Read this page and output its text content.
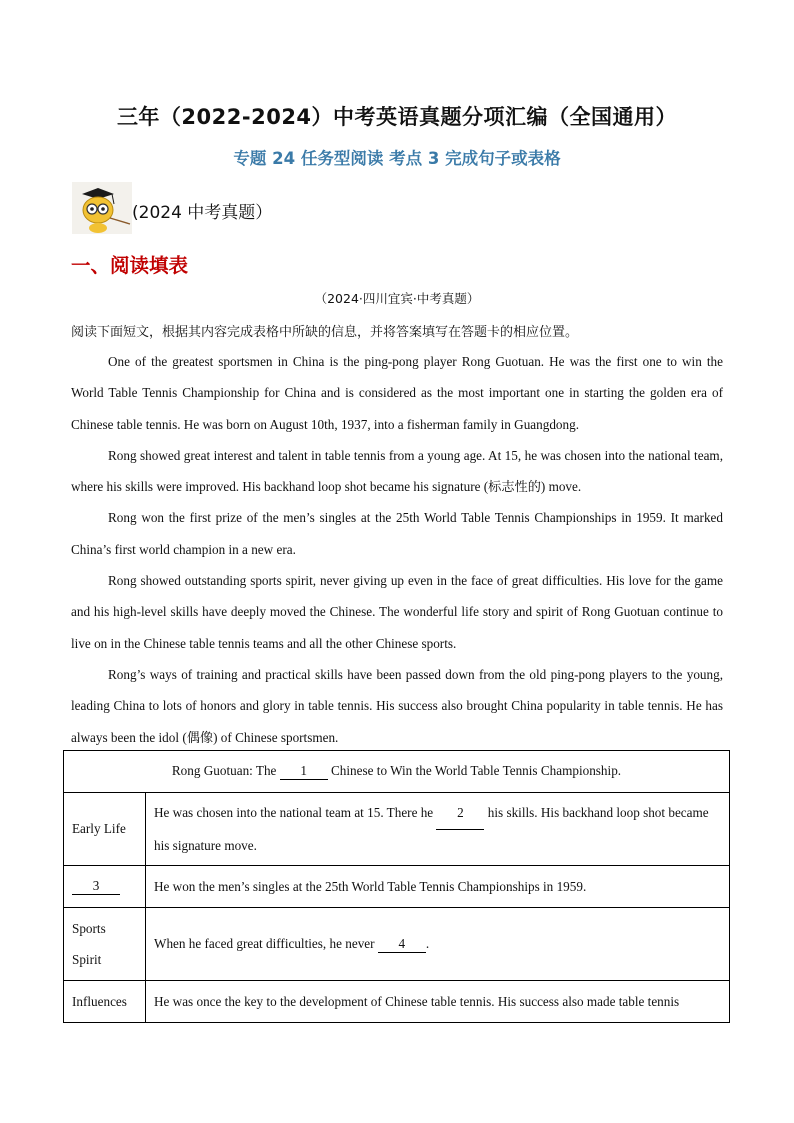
三年（2022-2024）中考英语真题分项汇编（全国通用）
专题 24 任务型阅读 考点 3 完成句子或表格
(2024 中考真题）
一、阅读填表
（2024·四川宜宾·中考真题）
阅读下面短文，根据其内容完成表格中所缺的信息，并将答案填写在答题卡的相应位置。

One of the greatest sportsmen in China is the ping-pong player Rong Guotuan. He was the first one to win the World Table Tennis Championship for China and is considered as the most important one in starting the golden era of Chinese table tennis. He was born on August 10th, 1937, into a fisherman family in Guangdong.

Rong showed great interest and talent in table tennis from a young age. At 15, he was chosen into the national team, where his skills were improved. His backhand loop shot became his signature (标志性的) move.

Rong won the first prize of the men’s singles at the 25th World Table Tennis Championships in 1959. It marked China’s first world champion in a new era.

Rong showed outstanding sports spirit, never giving up even in the face of great difficulties. His love for the game and his high-level skills have deeply moved the Chinese. The wonderful life story and spirit of Rong Guotuan continue to live on in the Chinese table tennis teams and all the other Chinese sports.

Rong’s ways of training and practical skills have been passed down from the old ping-pong players to the young, leading China to lots of honors and glory in table tennis. His success also brought China popularity in table tennis. He has always been the idol (偶像) of Chinese sportsmen.

Rong Guotuan: The 1 Chinese to Win the World Table Tennis Championship.	
Early Life	He was chosen into the national team at 15. There he 2 his skills. His backhand loop shot became his signature move.
3	He won the men’s singles at the 25th World Table Tennis Championships in 1959.
Sports Spirit	When he faced great difficulties, he never 4 .
Influences	He was once the key to the development of Chinese table tennis. His success also made table tennis
